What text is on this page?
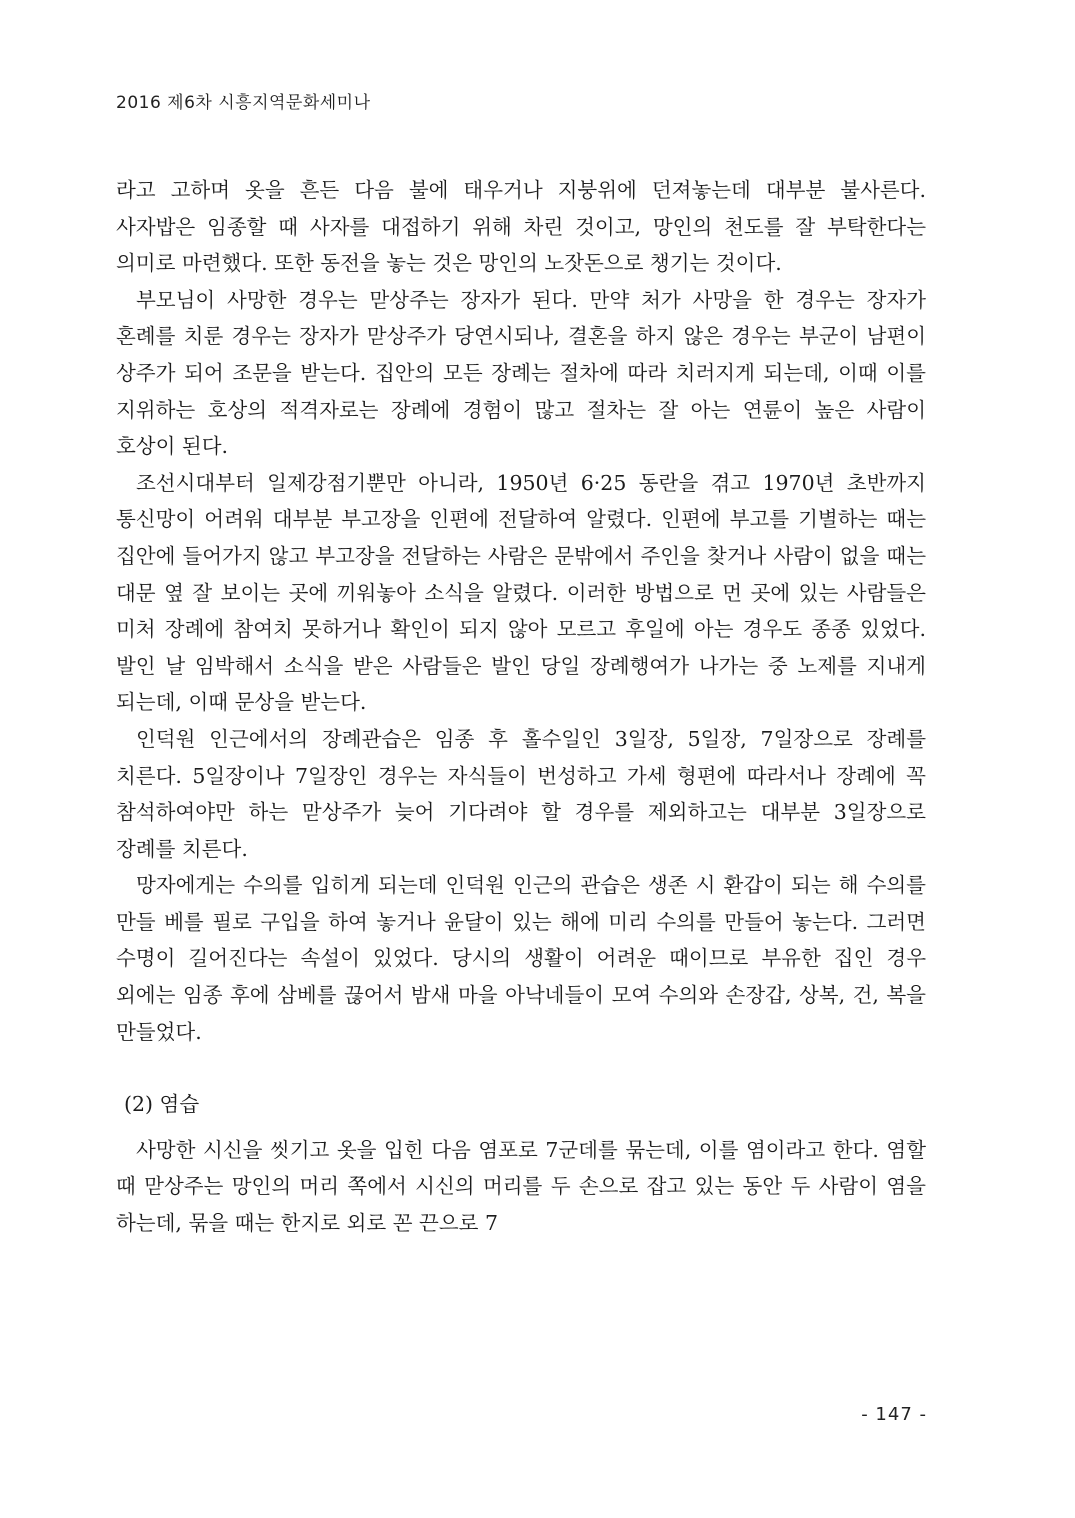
2016 제6차 시흥지역문화세미나

라고 고하며 옷을 흔든 다음 불에 태우거나 지붕위에 던져놓는데 대부분 불사른다. 사자밥은 임종할 때 사자를 대접하기 위해 차린 것이고, 망인의 천도를 잘 부탁한다는 의미로 마련했다. 또한 동전을 놓는 것은 망인의 노잣돈으로 챙기는 것이다.

부모님이 사망한 경우는 맏상주는 장자가 된다. 만약 처가 사망을 한 경우는 장자가 혼례를 치룬 경우는 장자가 맏상주가 당연시되나, 결혼을 하지 않은 경우는 부군이 남편이 상주가 되어 조문을 받는다. 집안의 모든 장례는 절차에 따라 치러지게 되는데, 이때 이를 지위하는 호상의 적격자로는 장례에 경험이 많고 절차는 잘 아는 연륜이 높은 사람이 호상이 된다.

조선시대부터 일제강점기뿐만 아니라, 1950년 6·25 동란을 겪고 1970년 초반까지 통신망이 어려워 대부분 부고장을 인편에 전달하여 알렸다. 인편에 부고를 기별하는 때는 집안에 들어가지 않고 부고장을 전달하는 사람은 문밖에서 주인을 찾거나 사람이 없을 때는 대문 옆 잘 보이는 곳에 끼워놓아 소식을 알렸다. 이러한 방법으로 먼 곳에 있는 사람들은 미처 장례에 참여치 못하거나 확인이 되지 않아 모르고 후일에 아는 경우도 종종 있었다. 발인 날 임박해서 소식을 받은 사람들은 발인 당일 장례행여가 나가는 중 노제를 지내게 되는데, 이때 문상을 받는다.

인덕원 인근에서의 장례관습은 임종 후 홀수일인 3일장, 5일장, 7일장으로 장례를 치른다. 5일장이나 7일장인 경우는 자식들이 번성하고 가세 형편에 따라서나 장례에 꼭 참석하여야만 하는 맏상주가 늦어 기다려야 할 경우를 제외하고는 대부분 3일장으로 장례를 치른다.

망자에게는 수의를 입히게 되는데 인덕원 인근의 관습은 생존 시 환갑이 되는 해 수의를 만들 베를 필로 구입을 하여 놓거나 윤달이 있는 해에 미리 수의를 만들어 놓는다. 그러면 수명이 길어진다는 속설이 있었다. 당시의 생활이 어려운 때이므로 부유한 집인 경우 외에는 임종 후에 삼베를 끊어서 밤새 마을 아낙네들이 모여 수의와 손장갑, 상복, 건, 복을 만들었다.

(2) 염습

사망한 시신을 씻기고 옷을 입힌 다음 염포로 7군데를 묶는데, 이를 염이라고 한다. 염할 때 맏상주는 망인의 머리 쪽에서 시신의 머리를 두 손으로 잡고 있는 동안 두 사람이 염을 하는데, 묶을 때는 한지로 외로 꼰 끈으로 7

- 147 -
